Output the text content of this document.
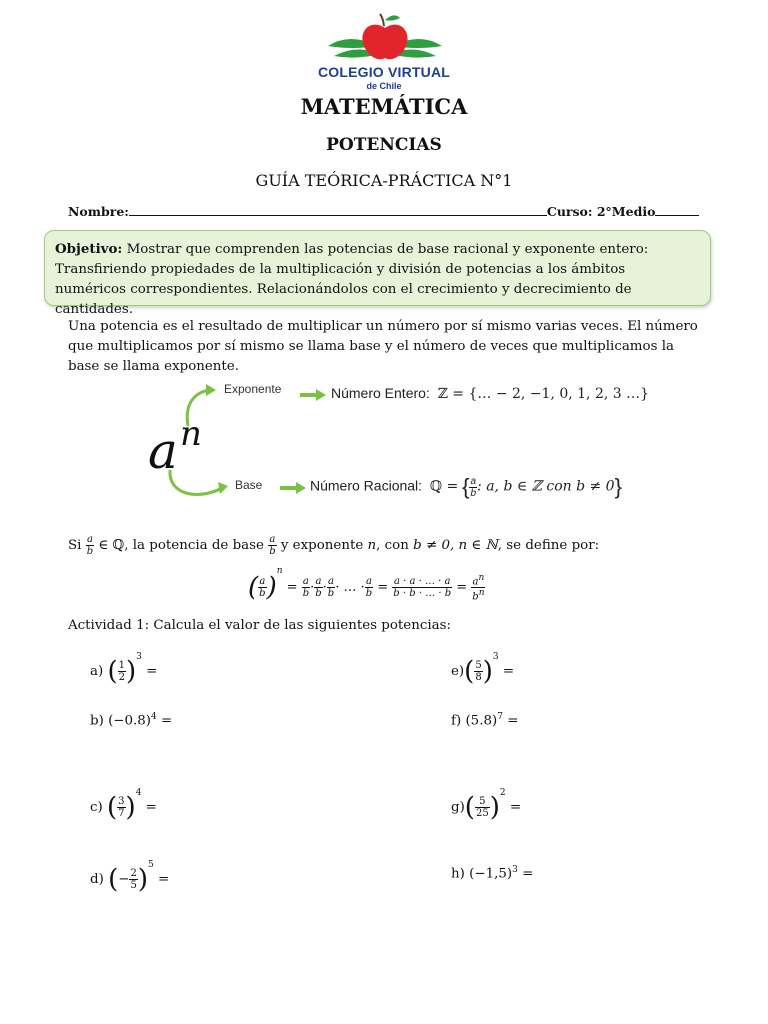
COLEGIO VIRTUAL
de Chile
MATEMÁTICA
POTENCIAS
GUÍA TEÓRICA-PRÁCTICA N°1
Nombre:	Curso: 2°Medio
Objetivo: Mostrar que comprenden las potencias de base racional y exponente entero: Transfiriendo propiedades de la multiplicación y división de potencias a los ámbitos numéricos correspondientes. Relacionándolos con el crecimiento y decrecimiento de cantidades.
Una potencia es el resultado de multiplicar un número por sí mismo varias veces. El número que multiplicamos por sí mismo se llama base y el número de veces que multiplicamos la base se llama exponente.
a n
Exponente
Base
Número Entero: ℤ = {… − 2, −1, 0, 1, 2, 3 …}
Número Racional: ℚ = { $\frac{a}{b}$ : a, b ∈ ℤ con b ≠ 0}
Si $\frac{a}{b}$ ∈ ℚ, la potencia de base $\frac{a}{b}$ y exponente n, con b ≠ 0, n ∈ ℕ, se define por:
( $\frac{a}{b} )^n = \frac{a}{b} \cdot \frac{a}{b} \cdot \frac{a}{b}$ · … · $\frac{a}{b} = \frac{a \cdot a \cdot \dots \cdot a}{b \cdot b \cdot \dots \cdot b} = \frac{a^n}{b^n}$
Actividad 1: Calcula el valor de las siguientes potencias:
a) ( $\frac{1}{2} )^3$ =
b) $(-0.8)^4$ =
c) ( $\frac{3}{7} )^4$ =
d) (− $\frac{2}{5} )^5$ =
$e)( \frac{5}{8} )^3$ =
f) $(5.8)^7$ =
$g)( \frac{5}{25} )^2$ =
h) $(-1,5)^3$ =
